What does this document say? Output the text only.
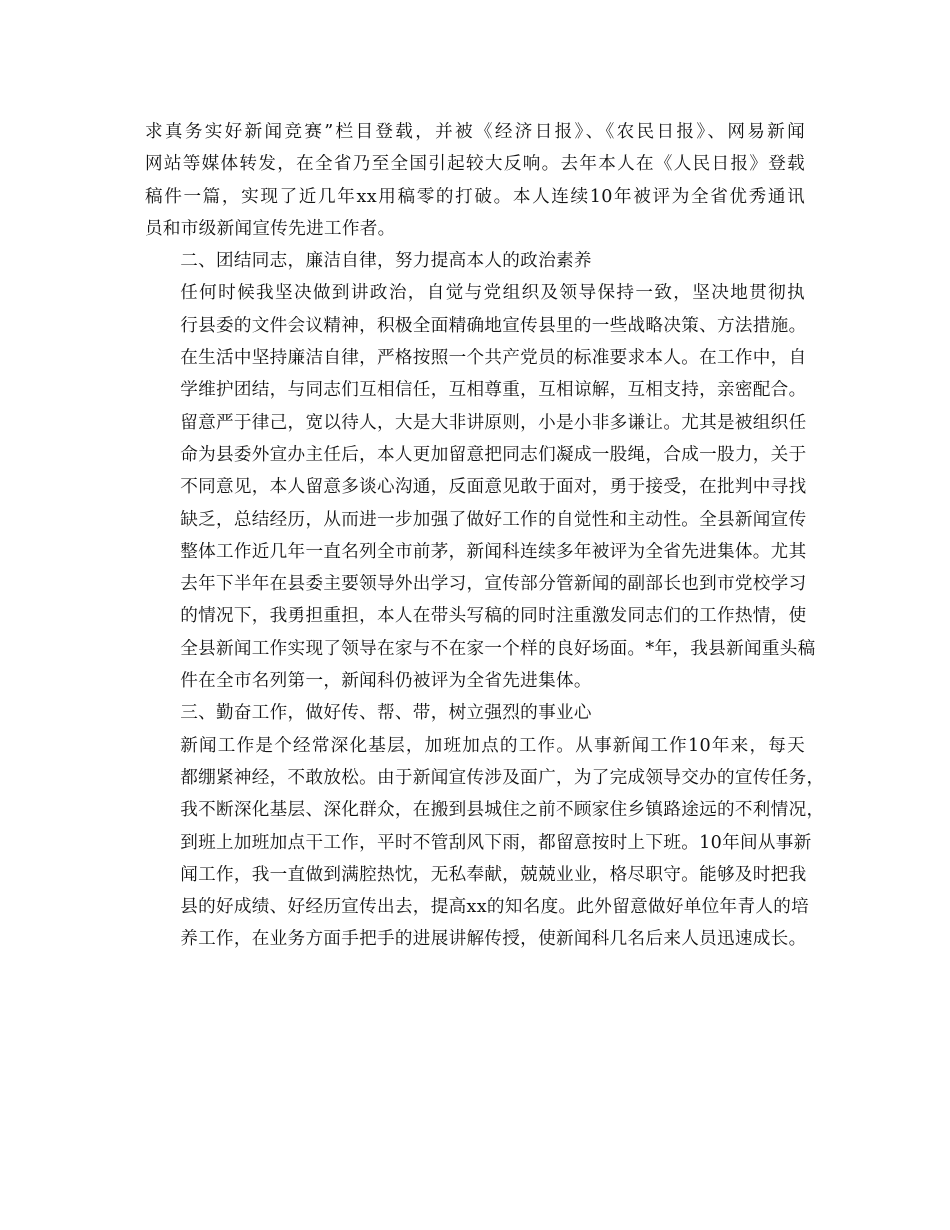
求真务实好新闻竞赛”栏目登载，并被《经济日报》、《农民日报》、网易新闻
网站等媒体转发，在全省乃至全国引起较大反响。去年本人在《人民日报》登载
稿件一篇，实现了近几年xx用稿零的打破。本人连续10年被评为全省优秀通讯
员和市级新闻宣传先进工作者。
二、团结同志，廉洁自律，努力提高本人的政治素养
任何时候我坚决做到讲政治，自觉与党组织及领导保持一致，坚决地贯彻执
行县委的文件会议精神，积极全面精确地宣传县里的一些战略决策、方法措施。
在生活中坚持廉洁自律，严格按照一个共产党员的标准要求本人。在工作中，自
学维护团结，与同志们互相信任，互相尊重，互相谅解，互相支持，亲密配合。
留意严于律己，宽以待人，大是大非讲原则，小是小非多谦让。尤其是被组织任
命为县委外宣办主任后，本人更加留意把同志们凝成一股绳，合成一股力，关于
不同意见，本人留意多谈心沟通，反面意见敢于面对，勇于接受，在批判中寻找
缺乏，总结经历，从而进一步加强了做好工作的自觉性和主动性。全县新闻宣传
整体工作近几年一直名列全市前茅，新闻科连续多年被评为全省先进集体。尤其
去年下半年在县委主要领导外出学习，宣传部分管新闻的副部长也到市党校学习
的情况下，我勇担重担，本人在带头写稿的同时注重激发同志们的工作热情，使
全县新闻工作实现了领导在家与不在家一个样的良好场面。*年，我县新闻重头稿
件在全市名列第一，新闻科仍被评为全省先进集体。
三、勤奋工作，做好传、帮、带，树立强烈的事业心
新闻工作是个经常深化基层，加班加点的工作。从事新闻工作10年来，每天
都绷紧神经，不敢放松。由于新闻宣传涉及面广，为了完成领导交办的宣传任务，
我不断深化基层、深化群众，在搬到县城住之前不顾家住乡镇路途远的不利情况，
到班上加班加点干工作，平时不管刮风下雨，都留意按时上下班。10年间从事新
闻工作，我一直做到满腔热忱，无私奉献，兢兢业业，格尽职守。能够及时把我
县的好成绩、好经历宣传出去，提高xx的知名度。此外留意做好单位年青人的培
养工作，在业务方面手把手的进展讲解传授，使新闻科几名后来人员迅速成长。
